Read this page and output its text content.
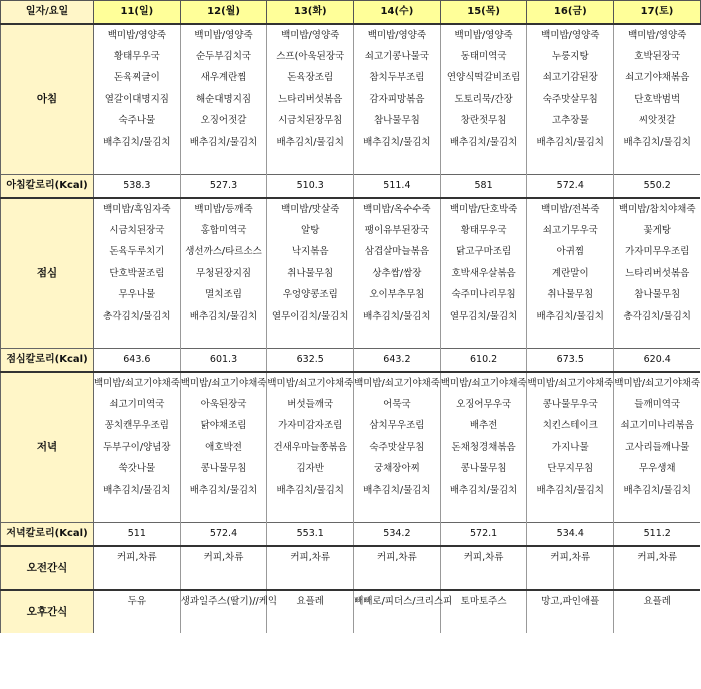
일자/요일	11(일)	12(월)	13(화)	14(수)	15(목)	16(금)	17(토)
아침	백미밥/영양죽	백미밥/영양죽	백미밥/영양죽	백미밥/영양죽	백미밥/영양죽	백미밥/영양죽	백미밥/영양죽
	황태무우국	순두부김치국	스프(아욱된장국	쇠고기콩나물국	동태미역국	누룽지탕	호박된장국
	돈육찌글이	새우계란찜	돈육장조림	참치두부조림	연양식떡갈비조림	쇠고기감된장	쇠고기야채볶음
	열갈이대명지짐	해순대명지짐	느타리버섯볶음	감자피망볶음	도토리묵/간장	숙주맛살무침	단호박범벅
	숙주나물	오징어젓갈	시금치된장무침	참나물무침	창란젓무침	고추장물	씨앗젓갈
	배추김치/물김치	배추김치/물김치	배추김치/물김치	배추김치/물김치	배추김치/물김치	배추김치/물김치	배추김치/물김치

아침칼로리(Kcal)	538.3	527.3	510.3	511.4	581	572.4	550.2
점심	백미밥/흑임자죽	백미밥/등깨죽	백미밥/맛살죽	백미밥/옥수수죽	백미밥/단호박죽	백미밥/전복죽	백미밥/참치야채죽
	시금치된장국	홍합미역국	알탕	팽이유부된장국	황태무우국	쇠고기무우국	꽃게탕
	돈육두루치기	생선까스/타르소스	낙지볶음	삼겹살마늘볶음	닭고구마조림	아귀찜	가자미무우조림
	단호박꿀조림	무청된장지짐	취나물무침	상추쌈/쌈장	호박새우살볶음	계란말이	느타리버섯볶음
	무우나물	멸치조림	우엉양콩조림	오이부추무침	숙주미나리무침	취나물무침	참나물무침
	총각김치/물김치	배추김치/물김치	열무이김치/물김치	배추김치/물김치	열무김치/물김치	배추김치/물김치	총각김치/물김치

점심칼로리(Kcal)	643.6	601.3	632.5	643.2	610.2	673.5	620.4
저녁	백미밥/쇠고기야채죽	백미밥/쇠고기야채죽	백미밥/쇠고기야채죽	백미밥/쇠고기야채죽	백미밥/쇠고기야채죽	백미밥/쇠고기야채죽	백미밥/쇠고기야채죽
	쇠고기미역국	아욱된장국	버섯들깨국	어묵국	오징어무우국	콩나물무우국	들깨미역국
	꽁치캔무우조림	닭야채조림	가자미감자조림	삼치무우조림	배추전	치킨스테이크	쇠고기미나리볶음
	두부구이/양념장	애호박전	건새우마늘쫑볶음	숙주맛살무침	돈채청경채볶음	가지나물	고사리들깨나물
	쑥갓나물	콩나물무침	김자반	궁채장아찌	콩나물무침	단무지무침	무우생채
	배추김치/물김치	배추김치/물김치	배추김치/물김치	배추김치/물김치	배추김치/물김치	배추김치/물김치	배추김치/물김치

저녁칼로리(Kcal)	511	572.4	553.1	534.2	572.1	534.4	511.2
오전간식	커피,차류	커피,차류	커피,차류	커피,차류	커피,차류	커피,차류	커피,차류

오후간식	두유	생과일주스(딸기)//케익	요플레	빼빼로/피더스/크리스피	토마토주스	망고,파인애플	요플레
